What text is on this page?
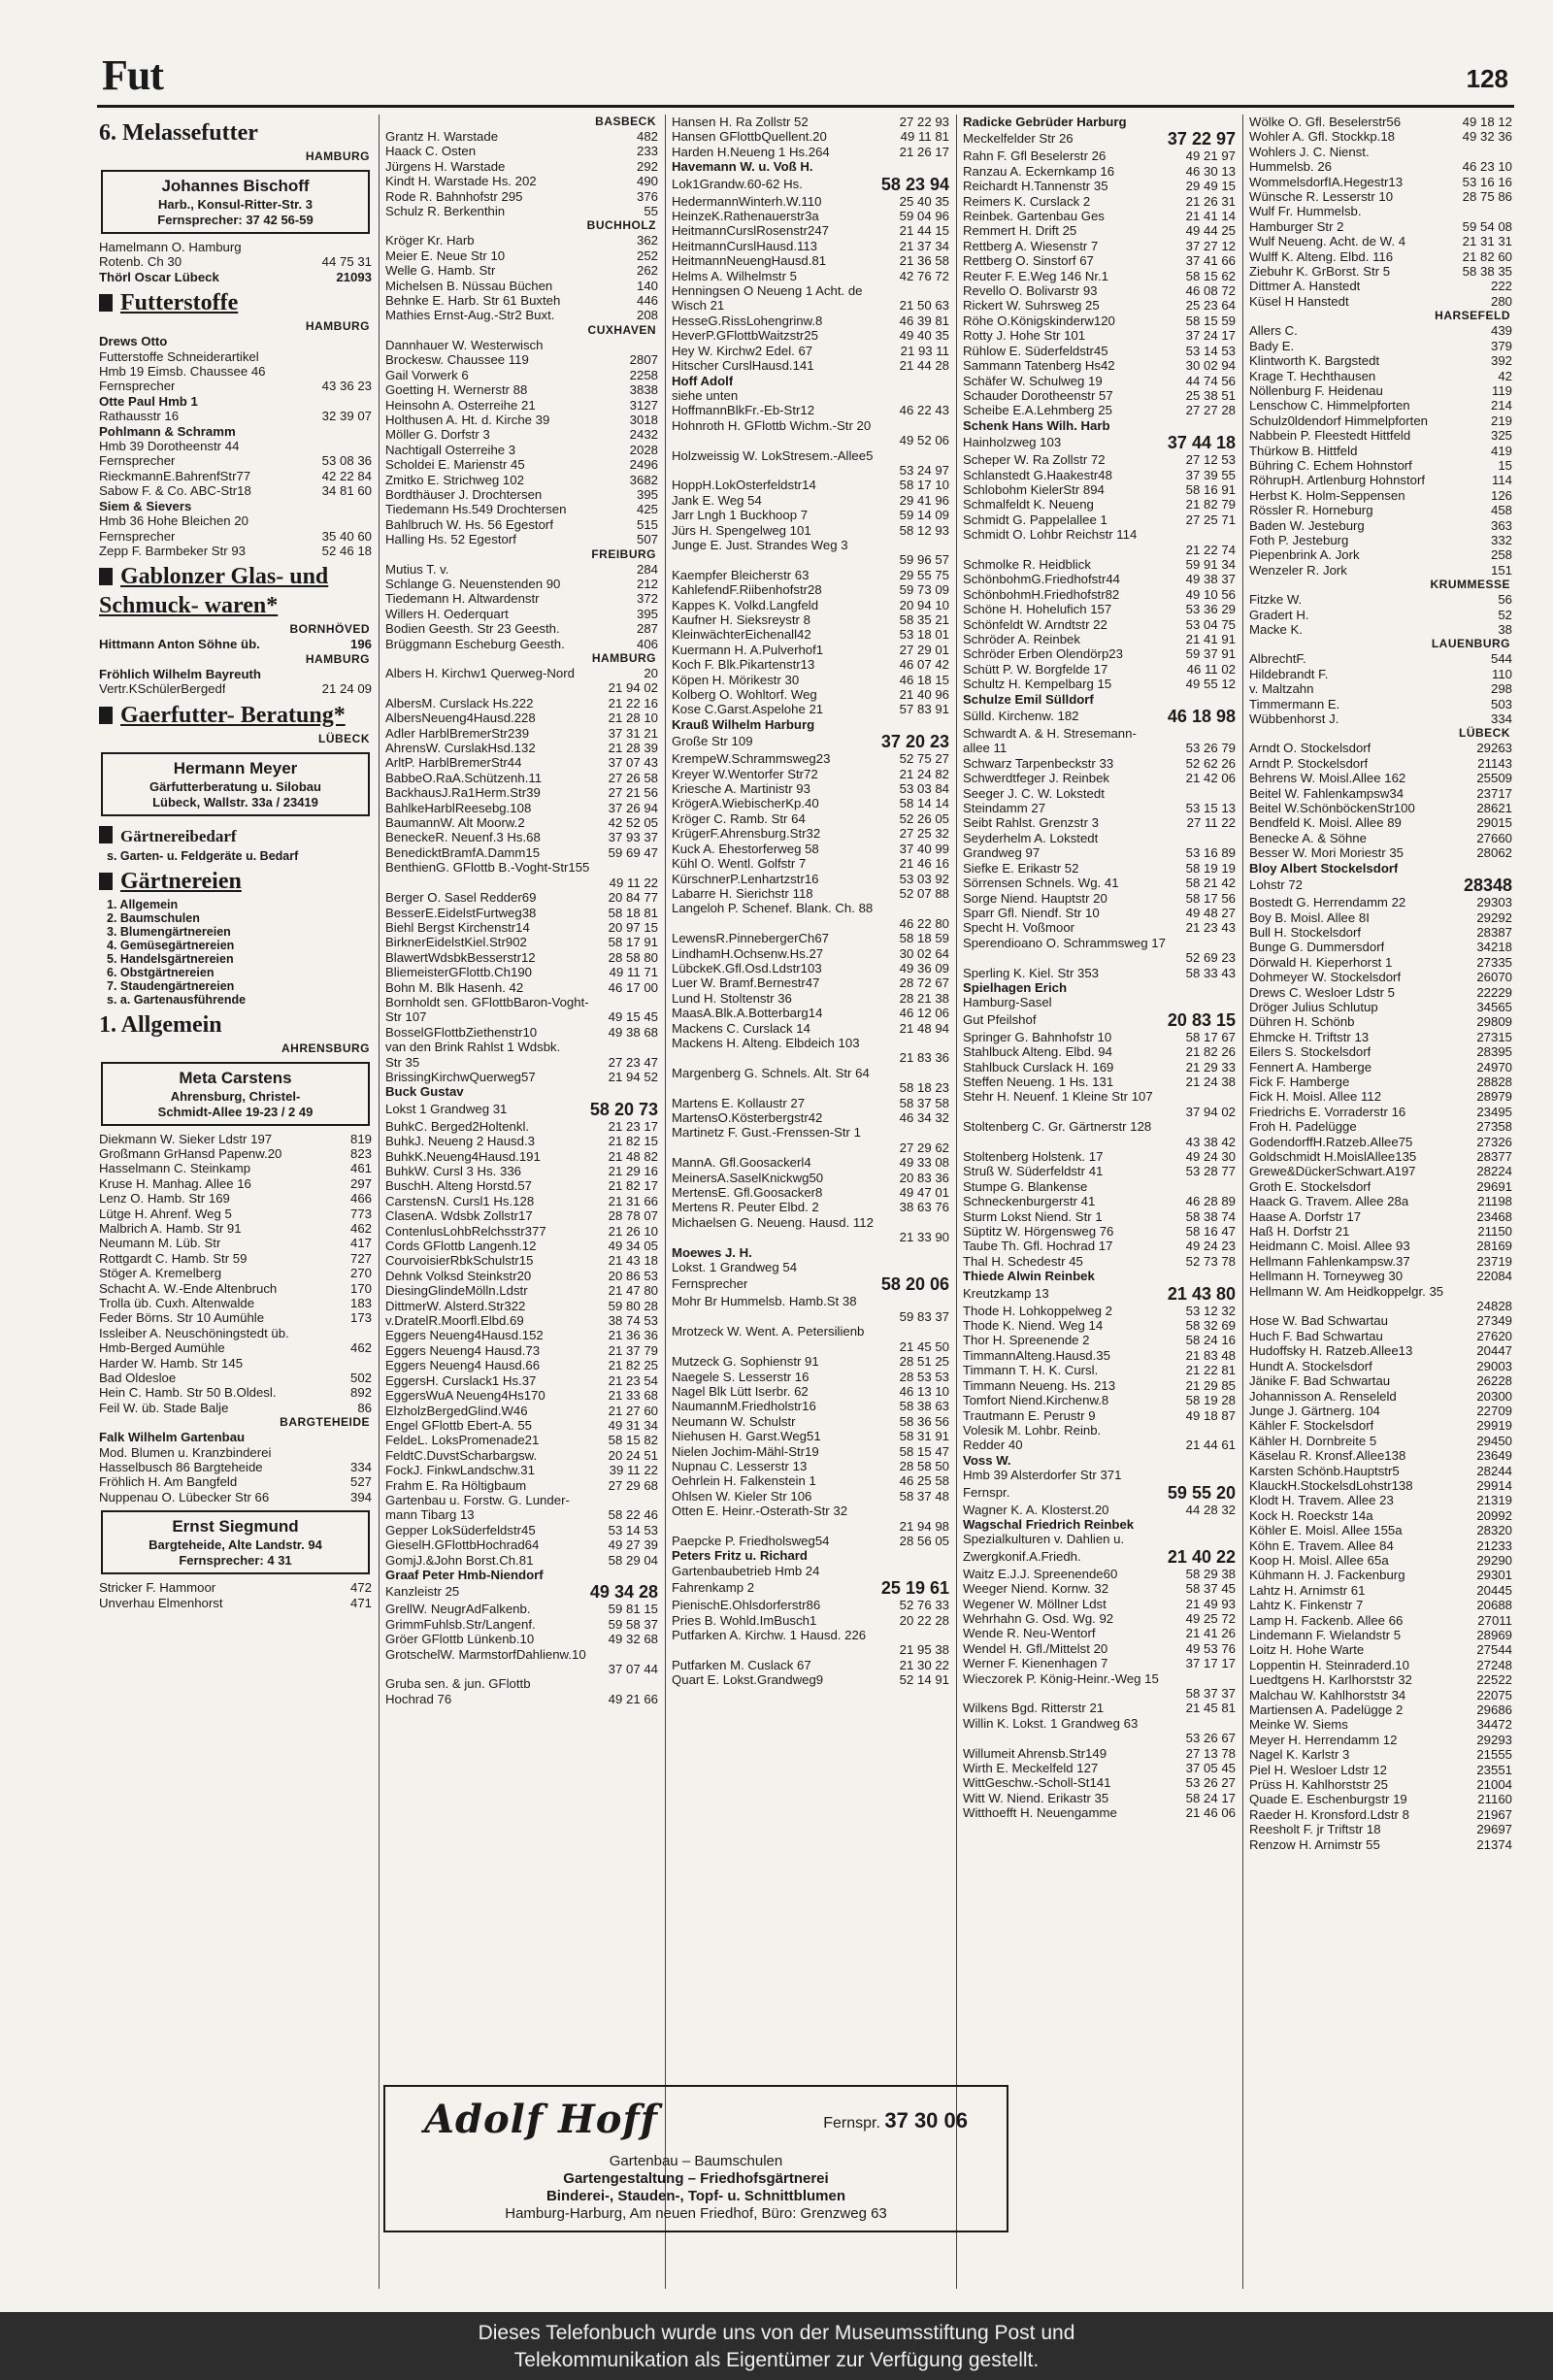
Fut	128
6. Melassefutter
HAMBURG
Johannes Bischoff
Harb., Konsul-Ritter-Str. 3
Fernsprecher: 37 42 56-59
Hamelmann O. Hamburg
Rotenb. Ch 30	44 75 31
Thörl Oscar Lübeck	21093
Futterstoffe
HAMBURG
Drews Otto
Futterstoffe Schneiderartikel
Hmb 19 Eimsb. Chaussee 46
Fernsprecher	43 36 23
Otte Paul Hmb 1
Rathausstr 16	32 39 07
Pohlmann & Schramm
Hmb 39 Dorotheenstr 44
Fernsprecher	53 08 36
RieckmannE.BahrenfStr77	42 22 84
Sabow F. & Co. ABC-Str18	34 81 60
Siem & Sievers
Hmb 36 Hohe Bleichen 20
Fernsprecher	35 40 60
Zepp F. Barmbeker Str 93	52 46 18
Gablonzer Glas- und Schmuck- waren*
BORNHÖVED
Hittmann Anton Söhne üb.	196
HAMBURG
Fröhlich Wilhelm Bayreuth
Vertr.KSchülerBergedf	21 24 09
Gaerfutter- Beratung*
LÜBECK
Hermann Meyer
Gärfutterberatung u. Silobau
Lübeck, Wallstr. 33a / 23419
Gärtnereibedarf
s. Garten- u. Feldgeräte u. Bedarf
Gärtnereien
1. Allgemein
2. Baumschulen
3. Blumengärtnereien
4. Gemüsegärtnereien
5. Handelsgärtnereien
6. Obstgärtnereien
7. Staudengärtnereien
s. a. Gartenausführende
1. Allgemein
AHRENSBURG
Meta Carstens
Ahrensburg, Christel-
Schmidt-Allee 19-23 / 2 49
Diekmann W. Sieker Ldstr 197	819
Großmann GrHansd Papenw.20	823
Hasselmann C. Steinkamp	461
Kruse H. Manhag. Allee 16	297
Lenz O. Hamb. Str 169	466
Lütge H. Ahrenf. Weg 5	773
Malbrich A. Hamb. Str 91	462
Neumann M. Lüb. Str	417
Rottgardt C. Hamb. Str 59	727
Stöger A. Kremelberg	270
Schacht A. W.-Ende Altenbruch	170
Trolla üb. Cuxh. Altenwalde	183
Feder Börns. Str 10 Aumühle	173
Issleiber A. Neuschöningstedt üb.
Hmb-Berged Aumühle	462
Harder W. Hamb. Str 145
Bad Oldesloe	502
Hein C. Hamb. Str 50 B.Oldesl.	892
Feil W. üb. Stade Balje	86
BARGTEHEIDE
Falk Wilhelm Gartenbau
Mod. Blumen u. Kranzbinderei
Hasselbusch 86 Bargteheide	334
Fröhlich H. Am Bangfeld	527
Nuppenau O. Lübecker Str 66	394
Ernst Siegmund
Bargteheide, Alte Landstr. 94
Fernsprecher: 4 31
Stricker F. Hammoor	472
Unverhau Elmenhorst	471
BASBECK
Grantz H. Warstade	482
Haack C. Osten	233
Jürgens H. Warstade	292
Kindt H. Warstade Hs. 202	490
Rode R. Bahnhofstr 295	376
Schulz R. Berkenthin	55
BUCHHOLZ
Kröger Kr. Harb	362
Meier E. Neue Str 10	252
Welle G. Hamb. Str	262
Michelsen B. Nüssau Büchen	140
Behnke E. Harb. Str 61 Buxteh	446
Mathies Ernst-Aug.-Str2 Buxt.	208
CUXHAVEN
Dannhauer W. Westerwisch
Brockesw. Chaussee 119	2807
Gail Vorwerk 6	2258
Goetting H. Wernerstr 88	3838
Heinsohn A. Osterreihe 21	3127
Holthusen A. Ht. d. Kirche 39	3018
Möller G. Dorfstr 3	2432
Nachtigall Osterreihe 3	2028
Scholdei E. Marienstr 45	2496
Zmitko E. Strichweg 102	3682
Bordthäuser J. Drochtersen	395
Tiedemann Hs.549 Drochtersen	425
Bahlbruch W. Hs. 56 Egestorf	515
Halling Hs. 52 Egestorf	507
FREIBURG
Mutius T. v.	284
Schlange G. Neuenstenden 90	212
Tiedemann H. Altwardenstr	372
Willers H. Oederquart	395
Bodien Geesth. Str 23 Geesth.	287
Brüggmann Escheburg Geesth.	406
HAMBURG
Albers H. Kirchw1 Querweg-Nord	20
21 94 02
AlbersM. Curslack Hs.222	21 22 16
AlbersNeueng4Hausd.228	21 28 10
Adler HarblBremerStr239	37 31 21
AhrensW. CurslakHsd.132	21 28 39
ArltP. HarblBremerStr44	37 07 43
BabbeO.RaA.Schützenh.11	27 26 58
BackhausJ.Ra1Herm.Str39	27 21 56
BahlkeHarblReesebg.108	37 26 94
BaumannW. Alt Moorw.2	42 52 05
BeneckeR. Neuenf.3 Hs.68	37 93 37
BenedicktBramfA.Damm15	59 69 47
BenthienG. GFlottb B.-Voght-Str155
49 11 22
Berger O. Sasel Redder69	20 84 77
BesserE.EidelstFurtweg38	58 18 81
Biehl Bergst Kirchenstr14	20 97 15
BirknerEidelstKiel.Str902	58 17 91
BlawertWdsbkBesserstr12	28 58 80
BliemeisterGFlottb.Ch190	49 11 71
Bohn M. Blk Hasenh. 42	46 17 00
Bornholdt sen. GFlottbBaron-Voght-
Str 107	49 15 45
BosselGFlottbZiethenstr10	49 38 68
van den Brink Rahlst 1 Wdsbk.
Str 35	27 23 47
BrissingKirchwQuerweg57	21 94 52
Buck Gustav
Lokst 1 Grandweg 31	58 20 73
BuhkC. Berged2Holtenkl.	21 23 17
BuhkJ. Neueng 2 Hausd.3	21 82 15
BuhkK.Neueng4Hausd.191	21 48 82
BuhkW. Cursl 3 Hs. 336	21 29 16
BuschH. Alteng Horstd.57	21 82 17
CarstensN. Cursl1 Hs.128	21 31 66
ClasenA. Wdsbk Zollstr17	28 78 07
ContenlusLohbRelchsstr377	21 26 10
Cords GFlottb Langenh.12	49 34 05
CourvoisierRbkSchulstr15	21 43 18
Dehnk Volksd Steinkstr20	20 86 53
DiesingGlindeMölln.Ldstr	21 47 80
DittmerW. Alsterd.Str322	59 80 28
v.DratelR.Moorfl.Elbd.69	38 74 53
Eggers Neueng4Hausd.152	21 36 36
Eggers Neueng4 Hausd.73	21 37 79
Eggers Neueng4 Hausd.66	21 82 25
EggersH. Curslack1 Hs.37	21 23 54
EggersWuA Neueng4Hs170	21 33 68
ElzholzBergedGlind.W46	21 27 60
Engel GFlottb Ebert-A. 55	49 31 34
FeldeL. LoksPromenade21	58 15 82
FeldtC.DuvstScharbargsw.	20 24 51
FockJ. FinkwLandschw.31	39 11 22
Frahm E. Ra Höltigbaum	27 29 68
Gartenbau u. Forstw. G. Lunder-
mann Tibarg 13	58 22 46
Gepper LokSüderfeldstr45	53 14 53
GieselH.GFlottbHochrad64	49 27 39
GomjJ.&John Borst.Ch.81	58 29 04
Graaf Peter Hmb-Niendorf
Kanzleistr 25	49 34 28
GrellW. NeugrAdFalkenb.	59 81 15
GrimmFuhlsb.Str/Langenf.	59 58 37
Gröer GFlottb Lünkenb.10	49 32 68
GrotschelW. MarmstorfDahlienw.10
37 07 44
Gruba sen. & jun. GFlottb
Hochrad 76	49 21 66
Hansen H. Ra Zollstr 52	27 22 93
Hansen GFlottbQuellent.20	49 11 81
Harden H.Neueng 1 Hs.264	21 26 17
Havemann W. u. Voß H.
Lok1Grandw.60-62 Hs.	58 23 94
HedermannWinterh.W.110	25 40 35
HeinzeK.Rathenauerstr3a	59 04 96
HeitmannCurslRosenstr247	21 44 15
HeitmannCurslHausd.113	21 37 34
HeitmannNeuengHausd.81	21 36 58
Helms A. Wilhelmstr 5	42 76 72
Henningsen O Neueng 1 Acht. de
Wisch 21	21 50 63
HesseG.RissLohengrinw.8	46 39 81
HeverP.GFlottbWaitzstr25	49 40 35
Hey W. Kirchw2 Edel. 67	21 93 11
Hitscher CurslHausd.141	21 44 28
Hoff Adolf
siehe unten
HoffmannBlkFr.-Eb-Str12	46 22 43
Hohnroth H. GFlottb Wichm.-Str 20
49 52 06
Holzweissig W. LokStresem.-Allee5
53 24 97
HoppH.LokOsterfeldstr14	58 17 10
Jank E. Weg 54	29 41 96
Jarr Lngh 1 Buckhoop 7	59 14 09
Jürs H. Spengelweg 101	58 12 93
Junge E. Just. Strandes Weg 3
59 96 57
Kaempfer Bleicherstr 63	29 55 75
KahlefendF.Riibenhofstr28	59 73 09
Kappes K. Volkd.Langfeld	20 94 10
Kaufner H. Sieksreystr 8	58 35 21
KleinwächterEichenall42	53 18 01
Kuermann H. A.Pulverhof1	27 29 01
Koch F. Blk.Pikartenstr13	46 07 42
Köpen H. Mörikestr 30	46 18 15
Kolberg O. Wohltorf. Weg	21 40 96
Kose C.Garst.Aspelohe 21	57 83 91
Krauß Wilhelm Harburg
Große Str 109	37 20 23
KrempeW.Schrammsweg23	52 75 27
Kreyer W.Wentorfer Str72	21 24 82
Kriesche A. Martinistr 93	53 03 84
KrögerA.WiebischerKp.40	58 14 14
Kröger C. Ramb. Str 64	52 26 05
KrügerF.Ahrensburg.Str32	27 25 32
Kuck A. Ehestorferweg 58	37 40 99
Kühl O. Wentl. Golfstr 7	21 46 16
KürschnerP.Lenhartzstr16	53 03 92
Labarre H. Sierichstr 118	52 07 88
Langeloh P. Schenef. Blank. Ch. 88
46 22 80
LewensR.PinnebergerCh67	58 18 59
LindhamH.Ochsenw.Hs.27	30 02 64
LübckeK.Gfl.Osd.Ldstr103	49 36 09
Luer W. Bramf.Bernestr47	28 72 67
Lund H. Stoltenstr 36	28 21 38
MaasA.Blk.A.Botterbarg14	46 12 06
Mackens C. Curslack 14	21 48 94
Mackens H. Alteng. Elbdeich 103
21 83 36
Margenberg G. Schnels. Alt. Str 64
58 18 23
Martens E. Kollaustr 27	58 37 58
MartensO.Kösterbergstr42	46 34 32
Martinetz F. Gust.-Frenssen-Str 1
27 29 62
MannA. Gfl.Goosackerl4	49 33 08
MeinersA.SaselKnickwg50	20 83 36
MertensE. Gfl.Goosacker8	49 47 01
Mertens R. Peuter Elbd. 2	38 63 76
Michaelsen G. Neueng. Hausd. 112
21 33 90
Moewes J. H.
Lokst. 1 Grandweg 54
Fernsprecher	58 20 06
Mohr Br Hummelsb. Hamb.St 38
59 83 37
Mrotzeck W. Went. A. Petersilienb
21 45 50
Mutzeck G. Sophienstr 91	28 51 25
Naegele S. Lesserstr 16	28 53 53
Nagel Blk Lütt Iserbr. 62	46 13 10
NaumannM.Friedholstr16	58 38 63
Neumann W. Schulstr	58 36 56
Niehusen H. Garst.Weg51	58 31 91
Nielen Jochim-Mähl-Str19	58 15 47
Nupnau C. Lesserstr 13	28 58 50
Oehrlein H. Falkenstein 1	46 25 58
Ohlsen W. Kieler Str 106	58 37 48
Otten E. Heinr.-Osterath-Str 32
21 94 98
Paepcke P. Friedholsweg54	28 56 05
Peters Fritz u. Richard
Gartenbaubetrieb Hmb 24
Fahrenkamp 2	25 19 61
PienischE.Ohlsdorferstr86	52 76 33
Pries B. Wohld.ImBusch1	20 22 28
Putfarken A. Kirchw. 1 Hausd. 226
21 95 38
Putfarken M. Cuslack 67	21 30 22
Quart E. Lokst.Grandweg9	52 14 91
Radicke Gebrüder Harburg
Meckelfelder Str 26	37 22 97
Rahn F. Gfl Beselerstr 26	49 21 97
Ranzau A. Eckernkamp 16	46 30 13
Reichardt H.Tannenstr 35	29 49 15
Reimers K. Curslack 2	21 26 31
Reinbek. Gartenbau Ges	21 41 14
Remmert H. Drift 25	49 44 25
Rettberg A. Wiesenstr 7	37 27 12
Rettberg O. Sinstorf 67	37 41 66
Reuter F. E.Weg 146 Nr.1	58 15 62
Revello O. Bolivarstr 93	46 08 72
Rickert W. Suhrsweg 25	25 23 64
Röhe O.Königskinderw120	58 15 59
Rotty J. Hohe Str 101	37 24 17
Rühlow E. Süderfeldstr45	53 14 53
Sammann Tatenberg Hs42	30 02 94
Schäfer W. Schulweg 19	44 74 56
Schauder Dorotheenstr 57	25 38 51
Scheibe E.A.Lehmberg 25	27 27 28
Schenk Hans Wilh. Harb
Hainholzweg 103	37 44 18
Scheper W. Ra Zollstr 72	27 12 53
Schlanstedt G.Haakestr48	37 39 55
Schlobohm KielerStr 894	58 16 91
Schmalfeldt K. Neueng	21 82 79
Schmidt G. Pappelallee 1	27 25 71
Schmidt O. Lohbr Reichstr 114
21 22 74
Schmolke R. Heidblick	59 91 34
SchönbohmG.Friedhofstr44	49 38 37
SchönbohmH.Friedhofstr82	49 10 56
Schöne H. Hohelufich 157	53 36 29
Schönfeldt W. Arndtstr 22	53 04 75
Schröder A. Reinbek	21 41 91
Schröder Erben Olendörp23	59 37 91
Schütt P. W. Borgfelde 17	46 11 02
Schultz H. Kempelbarg 15	49 55 12
Schulze Emil Sülldorf
Sülld. Kirchenw. 182	46 18 98
Schwardt A. & H. Stresemann-
allee 11	53 26 79
Schwarz Tarpenbeckstr 33	52 62 26
Schwerdtfeger J. Reinbek	21 42 06
Seeger J. C. W. Lokstedt
Steindamm 27	53 15 13
Seibt Rahlst. Grenzstr 3	27 11 22
Seyderhelm A. Lokstedt
Grandweg 97	53 16 89
Siefke E. Erikastr 52	58 19 19
Sörrensen Schnels. Wg. 41	58 21 42
Sorge Niend. Hauptstr 20	58 17 56
Sparr Gfl. Niendf. Str 10	49 48 27
Specht H. Voßmoor	21 23 43
Sperendioano O. Schrammsweg 17
52 69 23
Sperling K. Kiel. Str 353	58 33 43
Spielhagen Erich
Hamburg-Sasel
Gut Pfeilshof	20 83 15
Springer G. Bahnhofstr 10	58 17 67
Stahlbuck Alteng. Elbd. 94	21 82 26
Stahlbuck Curslack H. 169	21 29 33
Steffen Neueng. 1 Hs. 131	21 24 38
Stehr H. Neuenf. 1 Kleine Str 107
37 94 02
Stoltenberg C. Gr. Gärtnerstr 128
43 38 42
Stoltenberg Holstenk. 17	49 24 30
Struß W. Süderfeldstr 41	53 28 77
Stumpe G. Blankense
Schneckenburgerstr 41	46 28 89
Sturm Lokst Niend. Str 1	58 38 74
Süptitz W. Hörgensweg 76	58 16 47
Taube Th. Gfl. Hochrad 17	49 24 23
Thal H. Schedestr 45	52 73 78
Thiede Alwin Reinbek
Kreutzkamp 13	21 43 80
Thode H. Lohkoppelweg 2	53 12 32
Thode K. Niend. Weg 14	58 32 69
Thor H. Spreenende 2	58 24 16
TimmannAlteng.Hausd.35	21 83 48
Timmann T. H. K. Cursl.	21 22 81
Timmann Neueng. Hs. 213	21 29 85
Tomfort Niend.Kirchenw.8	58 19 28
Trautmann E. Perustr 9	49 18 87
Volesik M. Lohbr. Reinb.
Redder 40	21 44 61
Voss W.
Hmb 39 Alsterdorfer Str 371
Fernspr.	59 55 20
Wagner K. A. Klosterst.20	44 28 32
Wagschal Friedrich Reinbek
Spezialkulturen v. Dahlien u.
Zwergkonif.A.Friedh.	21 40 22
Waitz E.J.J. Spreenende60	58 29 38
Weeger Niend. Kornw. 32	58 37 45
Wegener W. Möllner Ldst	21 49 93
Wehrhahn G. Osd. Wg. 92	49 25 72
Wende R. Neu-Wentorf	21 41 26
Wendel H. Gfl./Mittelst 20	49 53 76
Werner F. Kienenhagen 7	37 17 17
Wieczorek P. König-Heinr.-Weg 15
58 37 37
Wilkens Bgd. Ritterstr 21	21 45 81
Willin K. Lokst. 1 Grandweg 63
53 26 67
Willumeit Ahrensb.Str149	27 13 78
Wirth E. Meckelfeld 127	37 05 45
WittGeschw.-Scholl-St141	53 26 27
Witt W. Niend. Erikastr 35	58 24 17
Witthoefft H. Neuengamme	21 46 06
Wölke O. Gfl. Beselerstr56	49 18 12
Wohler A. Gfl. Stockkp.18	49 32 36
Wohlers J. C. Nienst.
Hummelsb. 26	46 23 10
WommelsdorfIA.Hegestr13	53 16 16
Wünsche R. Lesserstr 10	28 75 86
Wulf Fr. Hummelsb.
Hamburger Str 2	59 54 08
Wulf Neueng. Acht. de W. 4	21 31 31
Wulff K. Alteng. Elbd. 116	21 82 60
Ziebuhr K. GrBorst. Str 5	58 38 35
Dittmer A. Hanstedt	222
Küsel H Hanstedt	280
HARSEFELD
Allers C.	439
Bady E.	379
Klintworth K. Bargstedt	392
Krage T. Hechthausen	42
Nöllenburg F. Heidenau	119
Lenschow C. Himmelpforten	214
Schulz0ldendorf Himmelpforten	219
Nabbein P. Fleestedt Hittfeld	325
Thürkow B. Hittfeld	419
Bühring C. Echem Hohnstorf	15
RöhrupH. Artlenburg Hohnstorf	114
Herbst K. Holm-Seppensen	126
Rössler R. Horneburg	458
Baden W. Jesteburg	363
Foth P. Jesteburg	332
Piepenbrink A. Jork	258
Wenzeler R. Jork	151
KRUMMESSE
Fitzke W.	56
Gradert H.	52
Macke K.	38
LAUENBURG
AlbrechtF.	544
Hildebrandt F.	110
v. Maltzahn	298
Timmermann E.	503
Wübbenhorst J.	334
LÜBECK
Arndt O. Stockelsdorf	29263
Arndt P. Stockelsdorf	21143
Behrens W. Moisl.Allee 162	25509
Beitel W. Fahlenkampsw34	23717
Beitel W.SchönböckenStr100	28621
Bendfeld K. Moisl. Allee 89	29015
Benecke A. & Söhne	27660
Besser W. Mori Moriestr 35	28062
Bloy Albert Stockelsdorf
Lohstr 72	28348
Bostedt G. Herrendamm 22	29303
Boy B. Moisl. Allee 8I	29292
Bull H. Stockelsdorf	28387
Bunge G. Dummersdorf	34218
Dörwald H. Kieperhorst 1	27335
Dohmeyer W. Stockelsdorf	26070
Drews C. Wesloer Ldstr 5	22229
Dröger Julius Schlutup	34565
Dühren H. Schönb	29809
Ehmcke H. Triftstr 13	27315
Eilers S. Stockelsdorf	28395
Fennert A. Hamberge	24970
Fick F. Hamberge	28828
Fick H. Moisl. Allee 112	28979
Friedrichs E. Vorraderstr 16	23495
Froh H. Padelügge	27358
GodendorffH.Ratzeb.Allee75	27326
Goldschmidt H.MoislAllee135	28377
Grewe&DückerSchwart.A197	28224
Groth E. Stockelsdorf	29691
Haack G. Travem. Allee 28a	21198
Haase A. Dorfstr 17	23468
Haß H. Dorfstr 21	21150
Heidmann C. Moisl. Allee 93	28169
Hellmann Fahlenkampsw.37	23719
Hellmann H. Torneyweg 30	22084
Hellmann W. Am Heidkoppelgr. 35
24828
Hose W. Bad Schwartau	27349
Huch F. Bad Schwartau	27620
Hudoffsky H. Ratzeb.Allee13	20447
Hundt A. Stockelsdorf	29003
Jänike F. Bad Schwartau	26228
Johannisson A. Renseleld	20300
Junge J. Gärtnerg. 104	22709
Kähler F. Stockelsdorf	29919
Kähler H. Dornbreite 5	29450
Käselau R. Kronsf.Allee138	23649
Karsten Schönb.Hauptstr5	28244
KlauckH.StockelsdLohstr138	29914
Klodt H. Travem. Allee 23	21319
Kock H. Roeckstr 14a	20992
Köhler E. Moisl. Allee 155a	28320
Köhn E. Travem. Allee 84	21233
Koop H. Moisl. Allee 65a	29290
Kühmann H. J. Fackenburg	29301
Lahtz H. Arnimstr 61	20445
Lahtz K. Finkenstr 7	20688
Lamp H. Fackenb. Allee 66	27011
Lindemann F. Wielandstr 5	28969
Loitz H. Hohe Warte	27544
Loppentin H. Steinraderd.10	27248
Luedtgens H. Karlhorststr 32	22522
Malchau W. Kahlhorststr 34	22075
Martiensen A. Padelügge 2	29686
Meinke W. Siems	34472
Meyer H. Herrendamm 12	29293
Nagel K. Karlstr 3	21555
Piel H. Wesloer Ldstr 12	23551
Prüss H. Kahlhorststr 25	21004
Quade E. Eschenburgstr 19	21160
Raeder H. Kronsford.Ldstr 8	21967
Reesholt F. jr Triftstr 18	29697
Renzow H. Arnimstr 55	21374
Adolf Hoff	Fernspr. 37 30 06
Gartenbau – Baumschulen
Gartengestaltung – Friedhofsgärtnerei
Binderei-, Stauden-, Topf- u. Schnittblumen
Hamburg-Harburg, Am neuen Friedhof, Büro: Grenzweg 63
Dieses Telefonbuch wurde uns von der Museumsstiftung Post und
Telekommunikation als Eigentümer zur Verfügung gestellt.
